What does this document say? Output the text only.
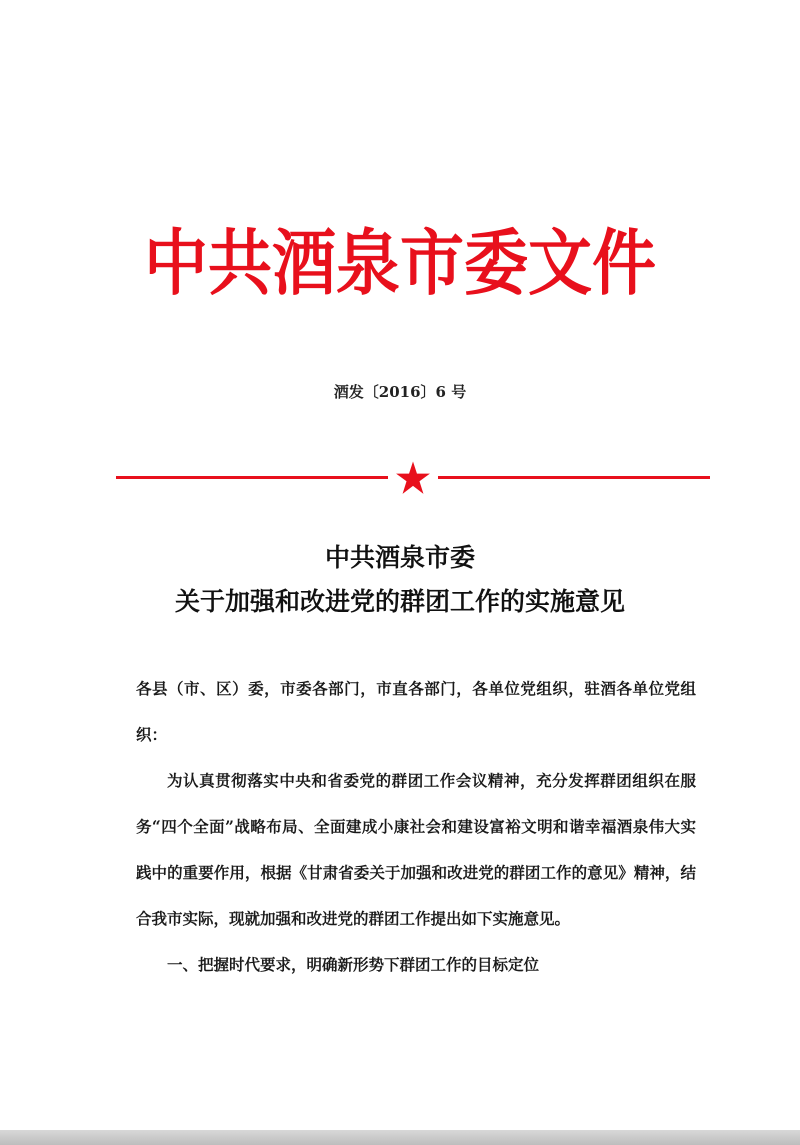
中共酒泉市委文件
酒发〔2016〕6 号
中共酒泉市委
关于加强和改进党的群团工作的实施意见

各县（市、区）委，市委各部门，市直各部门，各单位党组织，驻酒各单位党组织：

为认真贯彻落实中央和省委党的群团工作会议精神，充分发挥群团组织在服务“四个全面”战略布局、全面建成小康社会和建设富裕文明和谐幸福酒泉伟大实践中的重要作用，根据《甘肃省委关于加强和改进党的群团工作的意见》精神，结合我市实际，现就加强和改进党的群团工作提出如下实施意见。

一、把握时代要求，明确新形势下群团工作的目标定位
